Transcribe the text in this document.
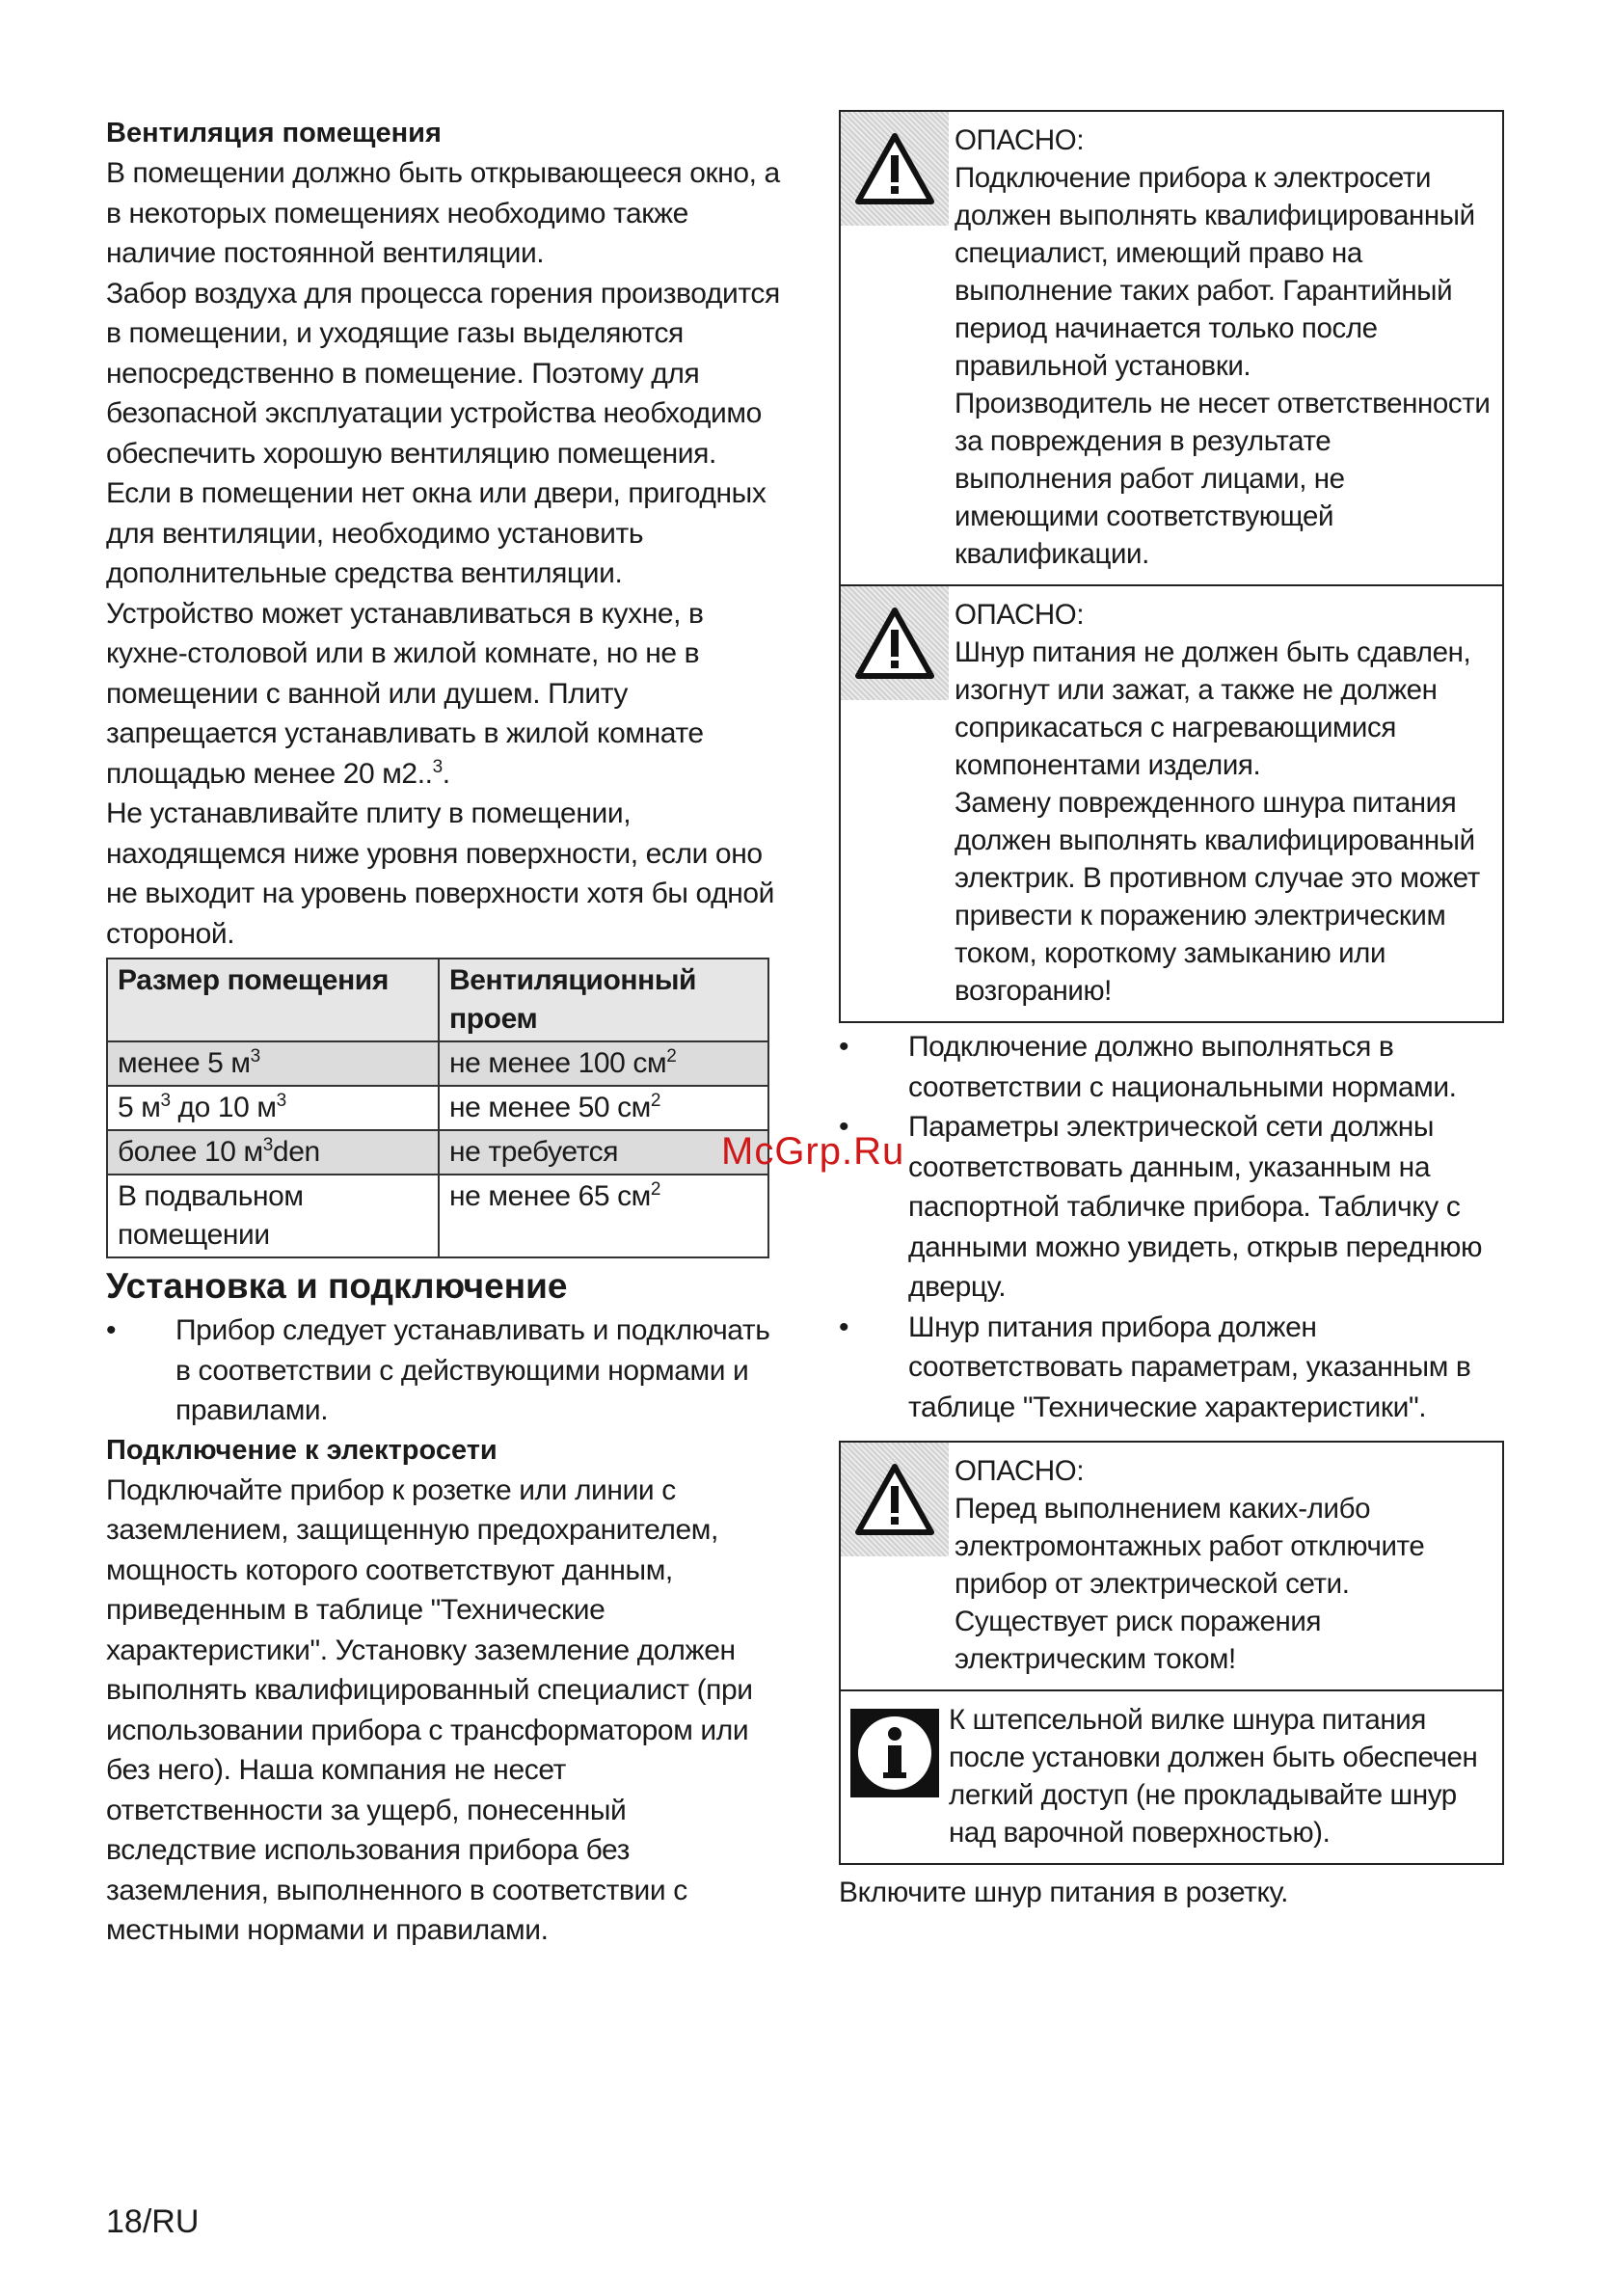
Вентиляция помещения

В помещении должно быть открывающееся окно, а в некоторых помещениях необходимо также наличие постоянной вентиляции.

Забор воздуха для процесса горения производится в помещении, и уходящие газы выделяются непосредственно в помещение. Поэтому для безопасной эксплуатации устройства необходимо обеспечить хорошую вентиляцию помещения. Если в помещении нет окна или двери, пригодных для вентиляции, необходимо установить дополнительные средства вентиляции.

Устройство может устанавливаться в кухне, в кухне-столовой или в жилой комнате, но не в помещении с ванной или душем. Плиту запрещается устанавливать в жилой комнате площадью менее 20 м2..$^3$.

Не устанавливайте плиту в помещении, находящемся ниже уровня поверхности, если оно не выходит на уровень поверхности хотя бы одной стороной.

Размер помещения	Вентиляционный проем
менее 5 $м^3$	не менее 100 $см^2$
5 $м^3$ до 10 $м^3$	не менее 50 $см^2$
более 10 $м^3den$	не требуется
В подвальном помещении	не менее 65 $см^2$
Установка и подключение
• Прибор следует устанавливать и подключать в соответствии с действующими нормами и правилами.
Подключение к электросети

Подключайте прибор к розетке или линии с заземлением, защищенную предохранителем, мощность которого соответствуют данным, приведенным в таблице "Технические характеристики". Установку заземление должен выполнять квалифицированный специалист (при использовании прибора с трансформатором или без него). Наша компания не несет ответственности за ущерб, понесенный вследствие использования прибора без заземления, выполненного в соответствии с местными нормами и правилами.

ОПАСНО:

Подключение прибора к электросети должен выполнять квалифицированный специалист, имеющий право на выполнение таких работ. Гарантийный период начинается только после правильной установки.

Производитель не несет ответственности за повреждения в результате выполнения работ лицами, не имеющими соответствующей квалификации.

ОПАСНО:

Шнур питания не должен быть сдавлен, изогнут или зажат, а также не должен соприкасаться с нагревающимися компонентами изделия.

Замену поврежденного шнура питания должен выполнять квалифицированный электрик. В противном случае это может привести к поражению электрическим током, короткому замыканию или возгоранию!

• Подключение должно выполняться в соответствии с национальными нормами.
• Параметры электрической сети должны соответствовать данным, указанным на паспортной табличке прибора. Табличку с данными можно увидеть, открыв переднюю дверцу.
• Шнур питания прибора должен соответствовать параметрам, указанным в таблице "Технические характеристики".

ОПАСНО:

Перед выполнением каких-либо электромонтажных работ отключите прибор от электрической сети.

Существует риск поражения электрическим током!

К штепсельной вилке шнура питания после установки должен быть обеспечен легкий доступ (не прокладывайте шнур над варочной поверхностью).

Включите шнур питания в розетку.

McGrp.Ru
18/RU
